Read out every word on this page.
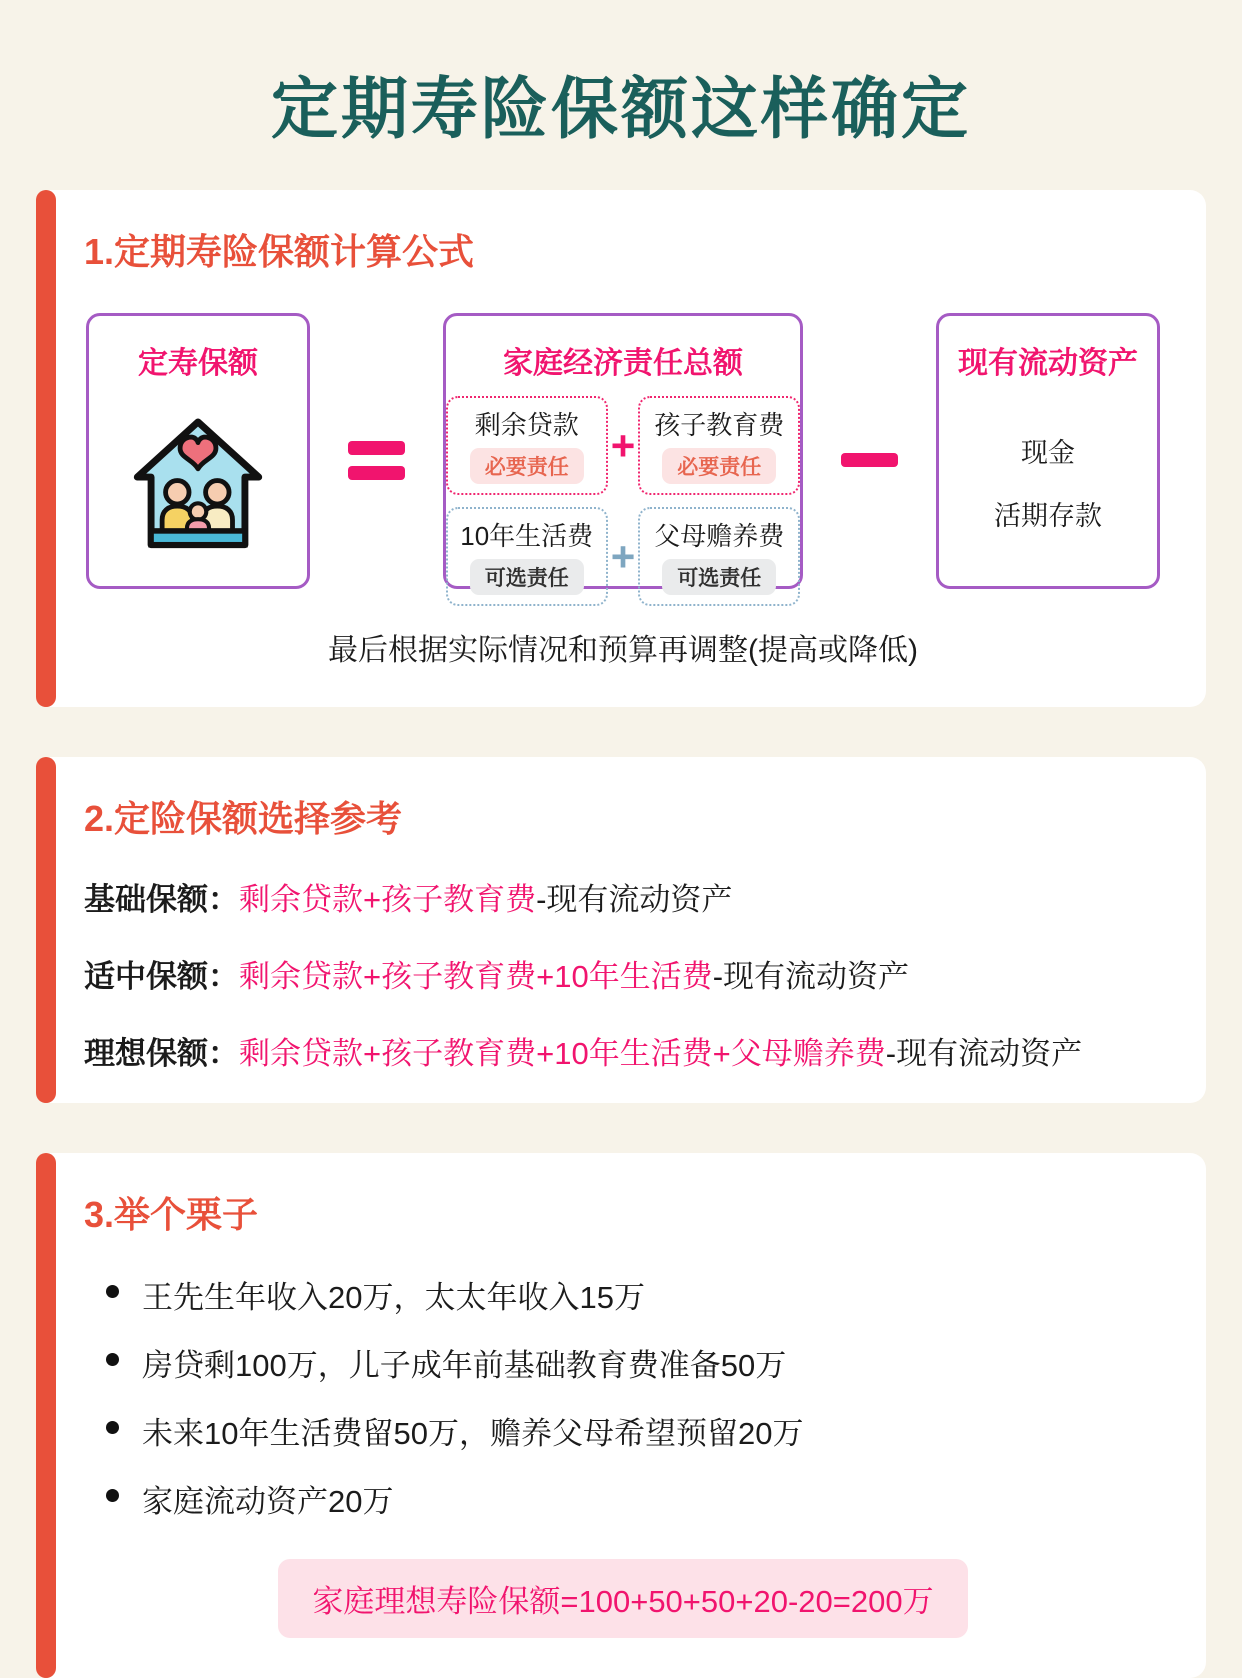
定期寿险保额这样确定
1.定期寿险保额计算公式
定寿保额	家庭经济责任总额
剩余贷款
必要责任	+ 孩子教育费
必要责任
10年生活费
可选责任	+ 父母赡养费
可选责任
现有流动资产
现金
活期存款

最后根据实际情况和预算再调整(提高或降低)

2.定险保额选择参考
基础保额：剩余贷款+孩子教育费-现有流动资产
适中保额：剩余贷款+孩子教育费+10年生活费-现有流动资产
理想保额：剩余贷款+孩子教育费+10年生活费+父母赡养费-现有流动资产
3.举个栗子
王先生年收入20万，太太年收入15万
房贷剩100万，儿子成年前基础教育费准备50万
未来10年生活费留50万，赡养父母希望预留20万
家庭流动资产20万
家庭理想寿险保额=100+50+50+20-20=200万
